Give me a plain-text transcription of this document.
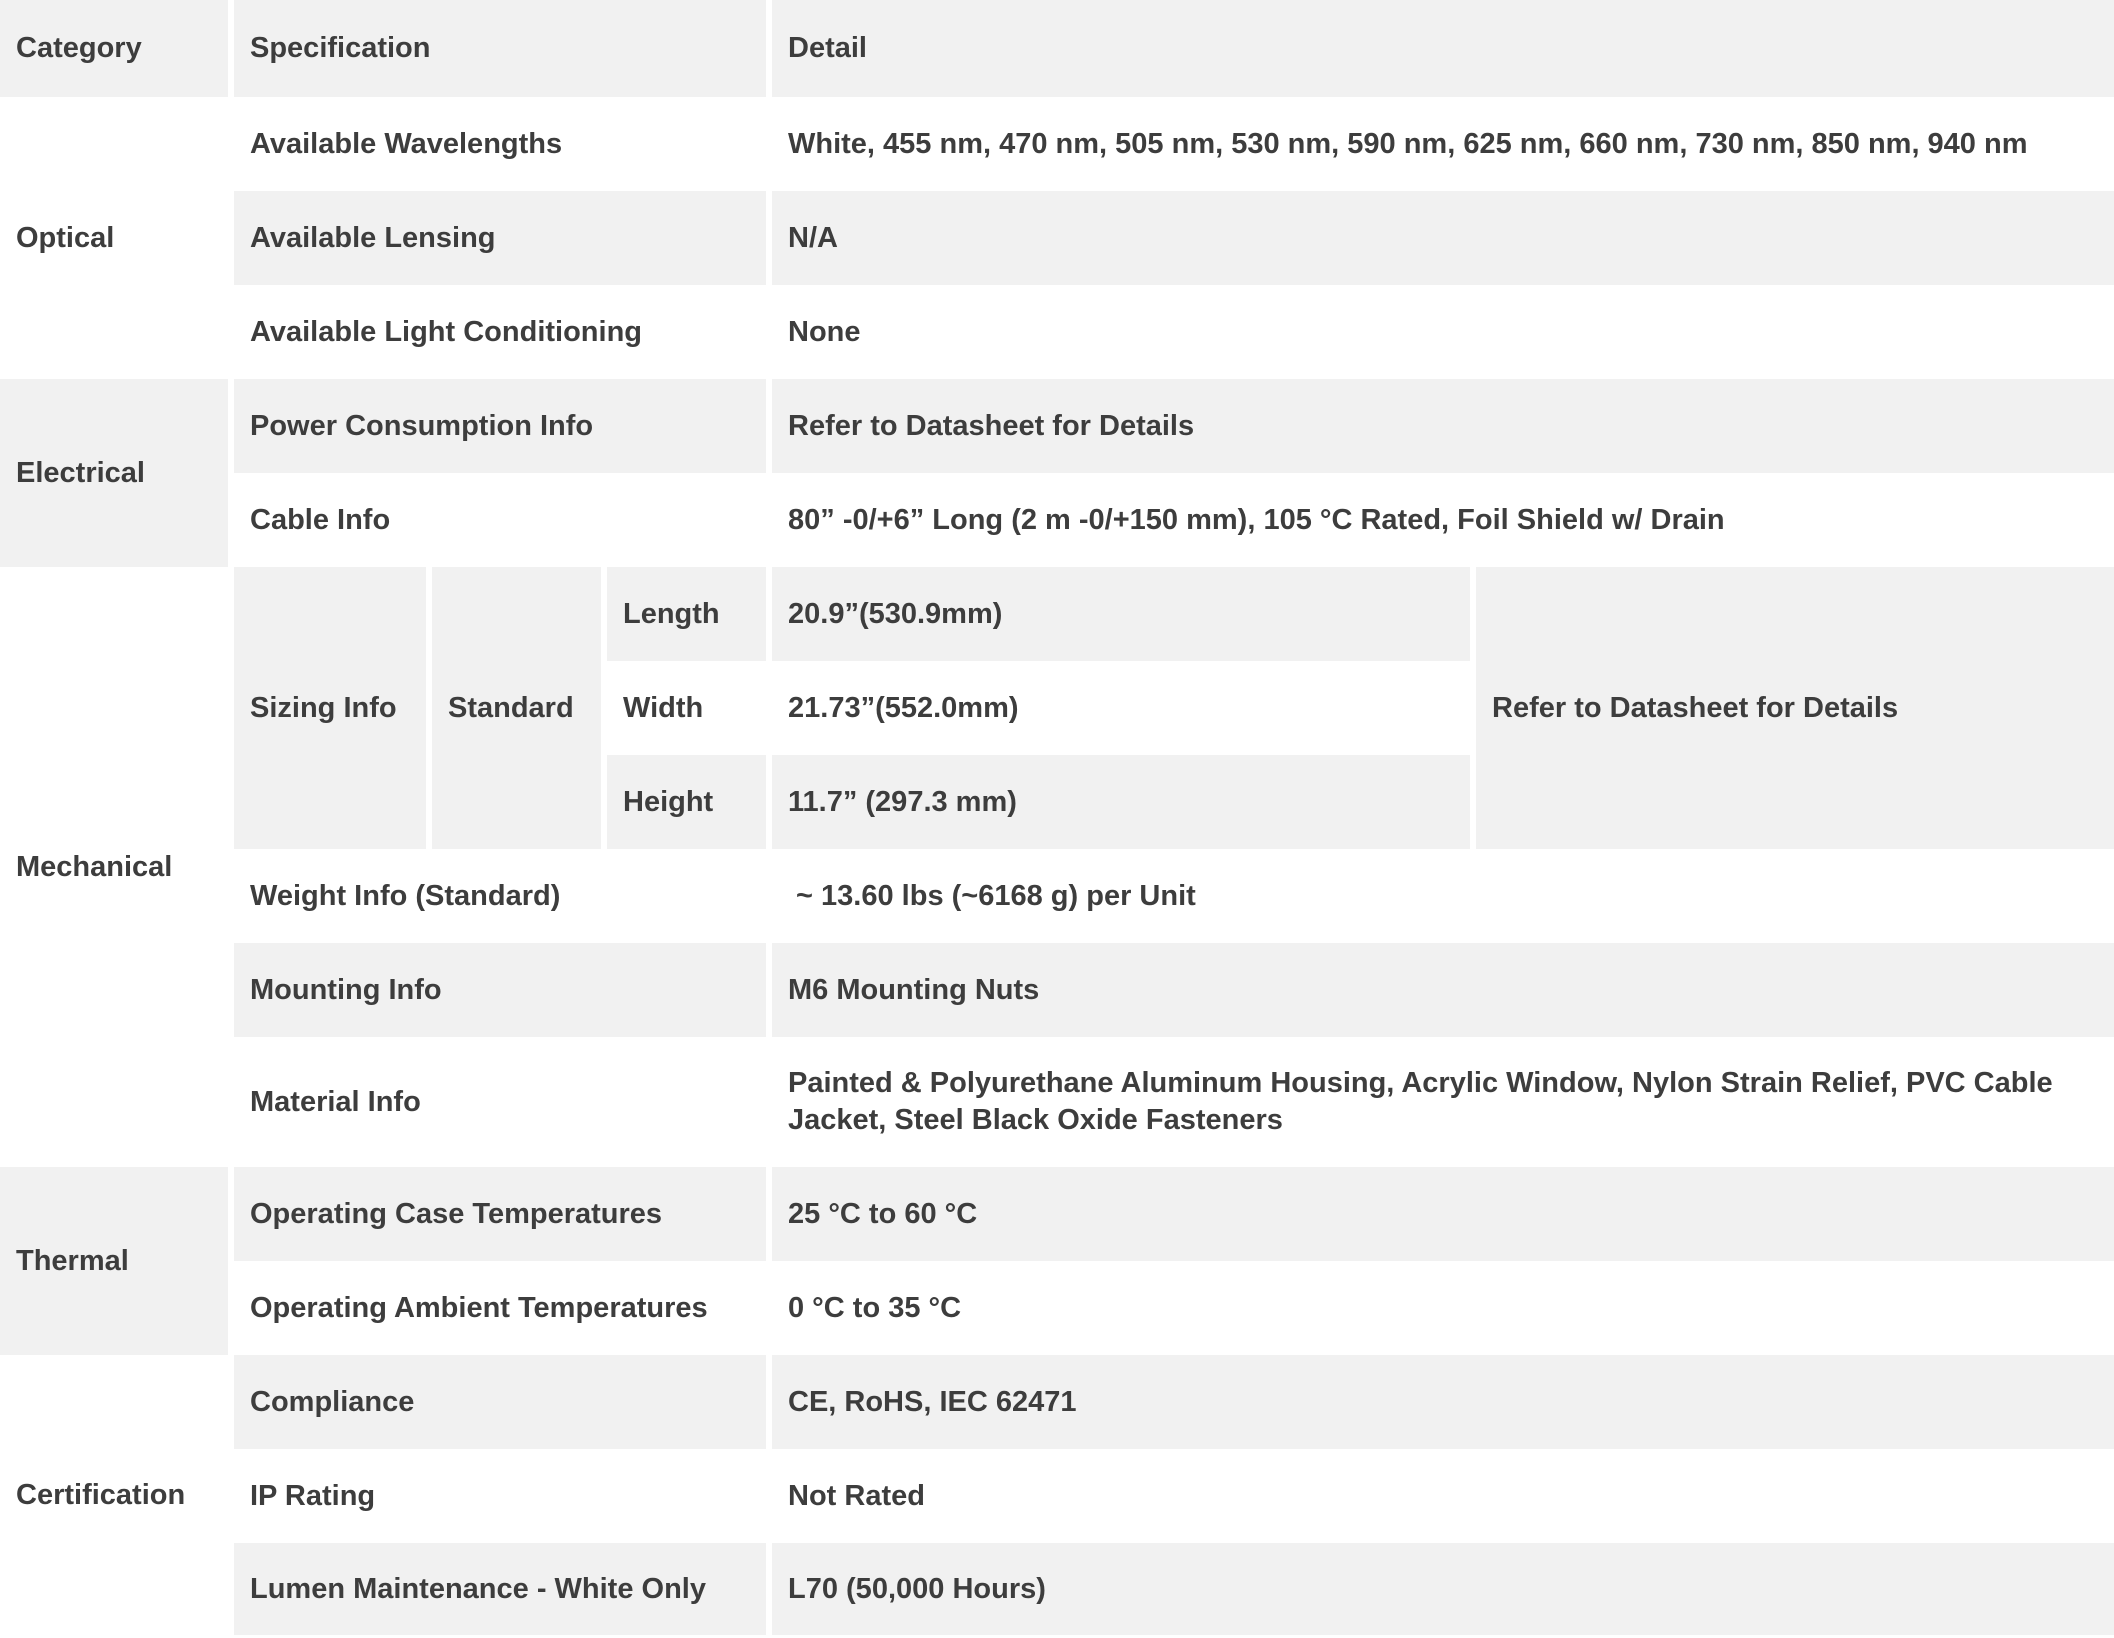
Category	Specification			Detail	
Optical	Available Wavelengths			White, 455 nm, 470 nm, 505 nm, 530 nm, 590 nm, 625 nm, 660 nm, 730 nm, 850 nm, 940 nm	
	Available Lensing			N/A	
	Available Light Conditioning			None	
Electrical	Power Consumption Info			Refer to Datasheet for Details	
	Cable Info			80” -0/+6” Long (2 m -0/+150 mm), 105 °C Rated, Foil Shield w/ Drain	
Mechanical	Sizing Info	Standard	Length	20.9”(530.9mm)	Refer to Datasheet for Details
			Width	21.73”(552.0mm)	
			Height	11.7” (297.3 mm)	
	Weight Info (Standard)			~ 13.60 lbs (~6168 g) per Unit	
	Mounting Info			M6 Mounting Nuts	
	Material Info			Painted & Polyurethane Aluminum Housing, Acrylic Window, Nylon Strain Relief, PVC Cable Jacket, Steel Black Oxide Fasteners	
Thermal	Operating Case Temperatures			25 °C to 60 °C	
	Operating Ambient Temperatures			0 °C to 35 °C	
Certification	Compliance			CE, RoHS, IEC 62471	
	IP Rating			Not Rated	
	Lumen Maintenance - White Only			L70 (50,000 Hours)	
